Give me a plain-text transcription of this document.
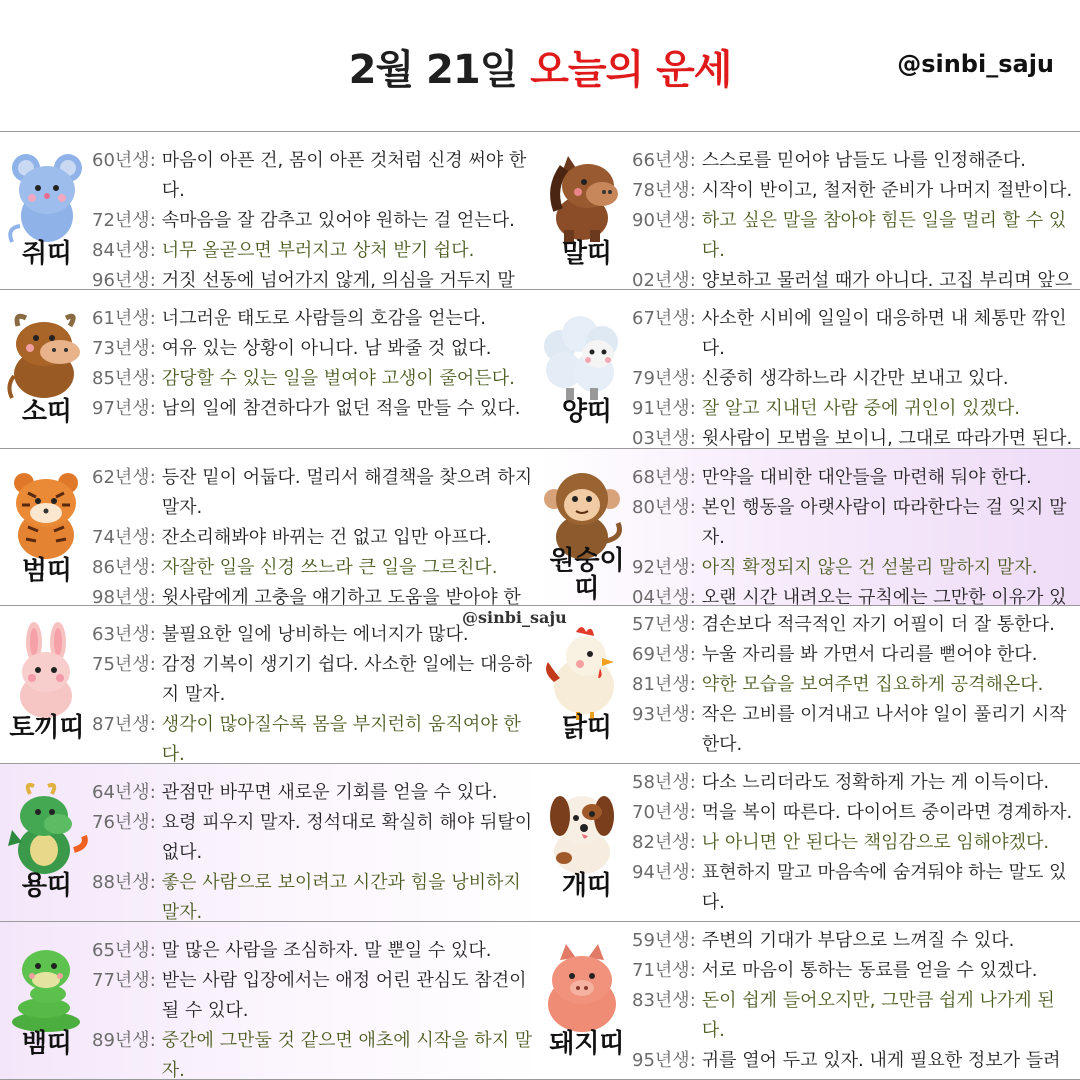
2월 21일 오늘의 운세	@sinbi_saju
쥐띠
60년생 : 마음이 아픈 건, 몸이 아픈 것처럼 신경 써야 한다.
72년생 : 속마음을 잘 감추고 있어야 원하는 걸 얻는다.
84년생 : 너무 올곧으면 부러지고 상처 받기 쉽다.
96년생 : 거짓 선동에 넘어가지 않게, 의심을 거두지 말
말띠
66년생 : 스스로를 믿어야 남들도 나를 인정해준다.
78년생 : 시작이 반이고, 철저한 준비가 나머지 절반이다.
90년생 : 하고 싶은 말을 참아야 힘든 일을 멀리 할 수 있다.
02년생 : 양보하고 물러설 때가 아니다. 고집 부리며 앞으
소띠
61년생 : 너그러운 태도로 사람들의 호감을 얻는다.
73년생 : 여유 있는 상황이 아니다. 남 봐줄 것 없다.
85년생 : 감당할 수 있는 일을 벌여야 고생이 줄어든다.
97년생 : 남의 일에 참견하다가 없던 적을 만들 수 있다.	양띠
67년생 : 사소한 시비에 일일이 대응하면 내 체통만 깎인다.
79년생 : 신중히 생각하느라 시간만 보내고 있다.
91년생 : 잘 알고 지내던 사람 중에 귀인이 있겠다.
03년생 : 윗사람이 모범을 보이니, 그대로 따라가면 된다.
범띠
62년생 : 등잔 밑이 어둡다. 멀리서 해결책을 찾으려 하지 말자.
74년생 : 잔소리해봐야 바뀌는 건 없고 입만 아프다.
86년생 : 자잘한 일을 신경 쓰느라 큰 일을 그르친다.
98년생 : 윗사람에게 고충을 얘기하고 도움을 받아야 한
원숭이띠
68년생 : 만약을 대비한 대안들을 마련해 둬야 한다.
80년생 : 본인 행동을 아랫사람이 따라한다는 걸 잊지 말자.
92년생 : 아직 확정되지 않은 건 섣불리 말하지 말자.
04년생 : 오랜 시간 내려오는 규칙에는 그만한 이유가 있
토끼띠
63년생 : 불필요한 일에 낭비하는 에너지가 많다.
75년생 : 감정 기복이 생기기 쉽다. 사소한 일에는 대응하지 말자.
87년생 : 생각이 많아질수록 몸을 부지런히 움직여야 한다.
닭띠
57년생 : 겸손보다 적극적인 자기 어필이 더 잘 통한다.
69년생 : 누울 자리를 봐 가면서 다리를 뻗어야 한다.
81년생 : 약한 모습을 보여주면 집요하게 공격해온다.
93년생 : 작은 고비를 이겨내고 나서야 일이 풀리기 시작한다.
용띠
64년생 : 관점만 바꾸면 새로운 기회를 얻을 수 있다.
76년생 : 요령 피우지 말자. 정석대로 확실히 해야 뒤탈이 없다.
88년생 : 좋은 사람으로 보이려고 시간과 힘을 낭비하지 말자.
개띠
58년생 : 다소 느리더라도 정확하게 가는 게 이득이다.
70년생 : 먹을 복이 따른다. 다이어트 중이라면 경계하자.
82년생 : 나 아니면 안 된다는 책임감으로 임해야겠다.
94년생 : 표현하지 말고 마음속에 숨겨둬야 하는 말도 있다.
뱀띠
65년생 : 말 많은 사람을 조심하자. 말 뿐일 수 있다.
77년생 : 받는 사람 입장에서는 애정 어린 관심도 참견이 될 수 있다.
89년생 : 중간에 그만둘 것 같으면 애초에 시작을 하지 말자.
돼지띠
59년생 : 주변의 기대가 부담으로 느껴질 수 있다.
71년생 : 서로 마음이 통하는 동료를 얻을 수 있겠다.
83년생 : 돈이 쉽게 들어오지만, 그만큼 쉽게 나가게 된다.
95년생 : 귀를 열어 두고 있자. 내게 필요한 정보가 들려
@sinbi_saju
